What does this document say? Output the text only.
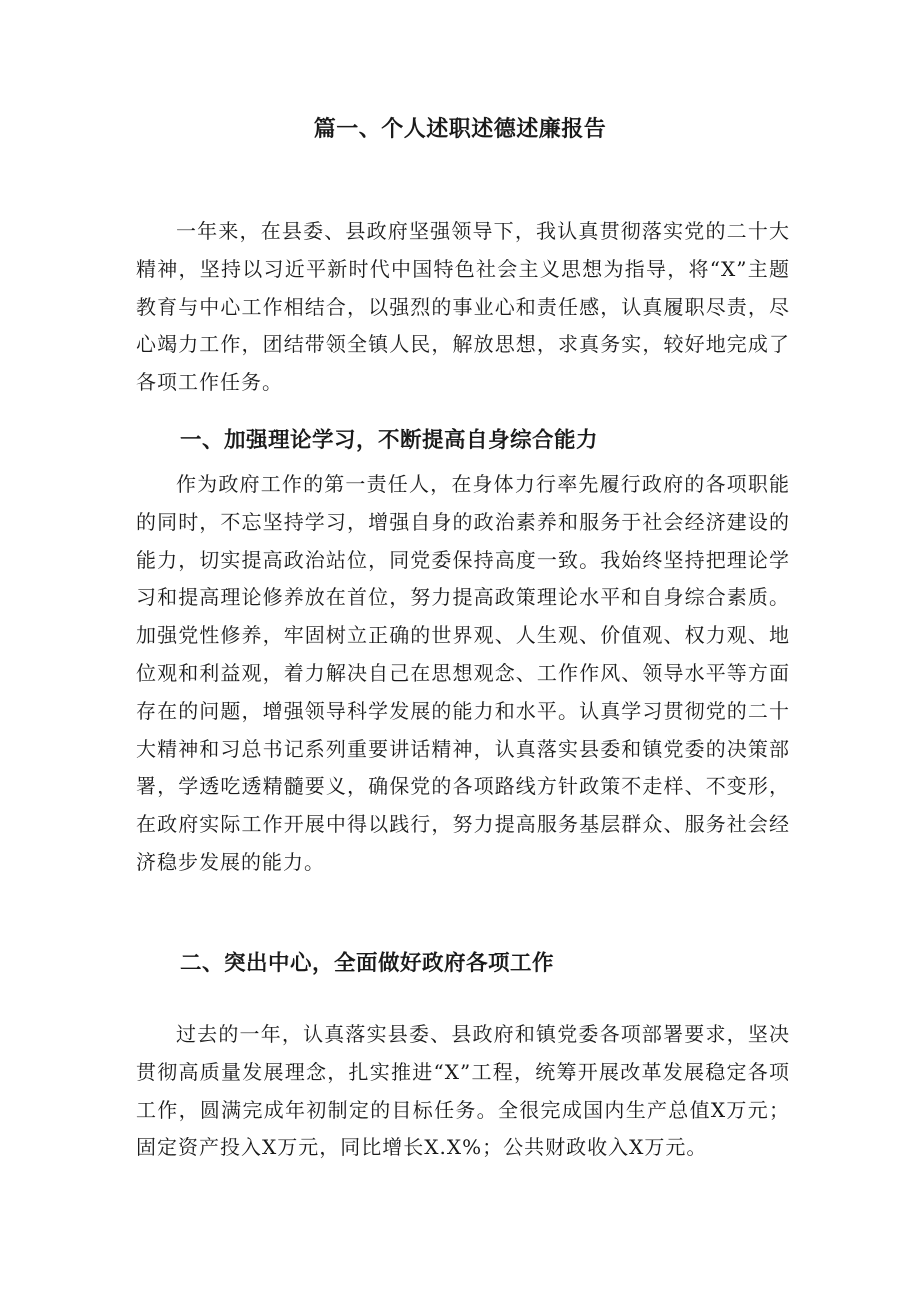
篇一、个人述职述德述廉报告

一年来，在县委、县政府坚强领导下，我认真贯彻落实党的二十大精神，坚持以习近平新时代中国特色社会主义思想为指导，将“X”主题教育与中心工作相结合，以强烈的事业心和责任感，认真履职尽责，尽心竭力工作，团结带领全镇人民，解放思想，求真务实，较好地完成了各项工作任务。

一、加强理论学习，不断提高自身综合能力

作为政府工作的第一责任人，在身体力行率先履行政府的各项职能的同时，不忘坚持学习，增强自身的政治素养和服务于社会经济建设的能力，切实提高政治站位，同党委保持高度一致。我始终坚持把理论学习和提高理论修养放在首位，努力提高政策理论水平和自身综合素质。加强党性修养，牢固树立正确的世界观、人生观、价值观、权力观、地位观和利益观，着力解决自己在思想观念、工作作风、领导水平等方面存在的问题，增强领导科学发展的能力和水平。认真学习贯彻党的二十大精神和习总书记系列重要讲话精神，认真落实县委和镇党委的决策部署，学透吃透精髓要义，确保党的各项路线方针政策不走样、不变形，在政府实际工作开展中得以践行，努力提高服务基层群众、服务社会经济稳步发展的能力。

二、突出中心，全面做好政府各项工作

过去的一年，认真落实县委、县政府和镇党委各项部署要求，坚决贯彻高质量发展理念，扎实推进“X”工程，统筹开展改革发展稳定各项工作，圆满完成年初制定的目标任务。全很完成国内生产总值X万元；固定资产投入X万元，同比增长X.X%；公共财政收入X万元。
